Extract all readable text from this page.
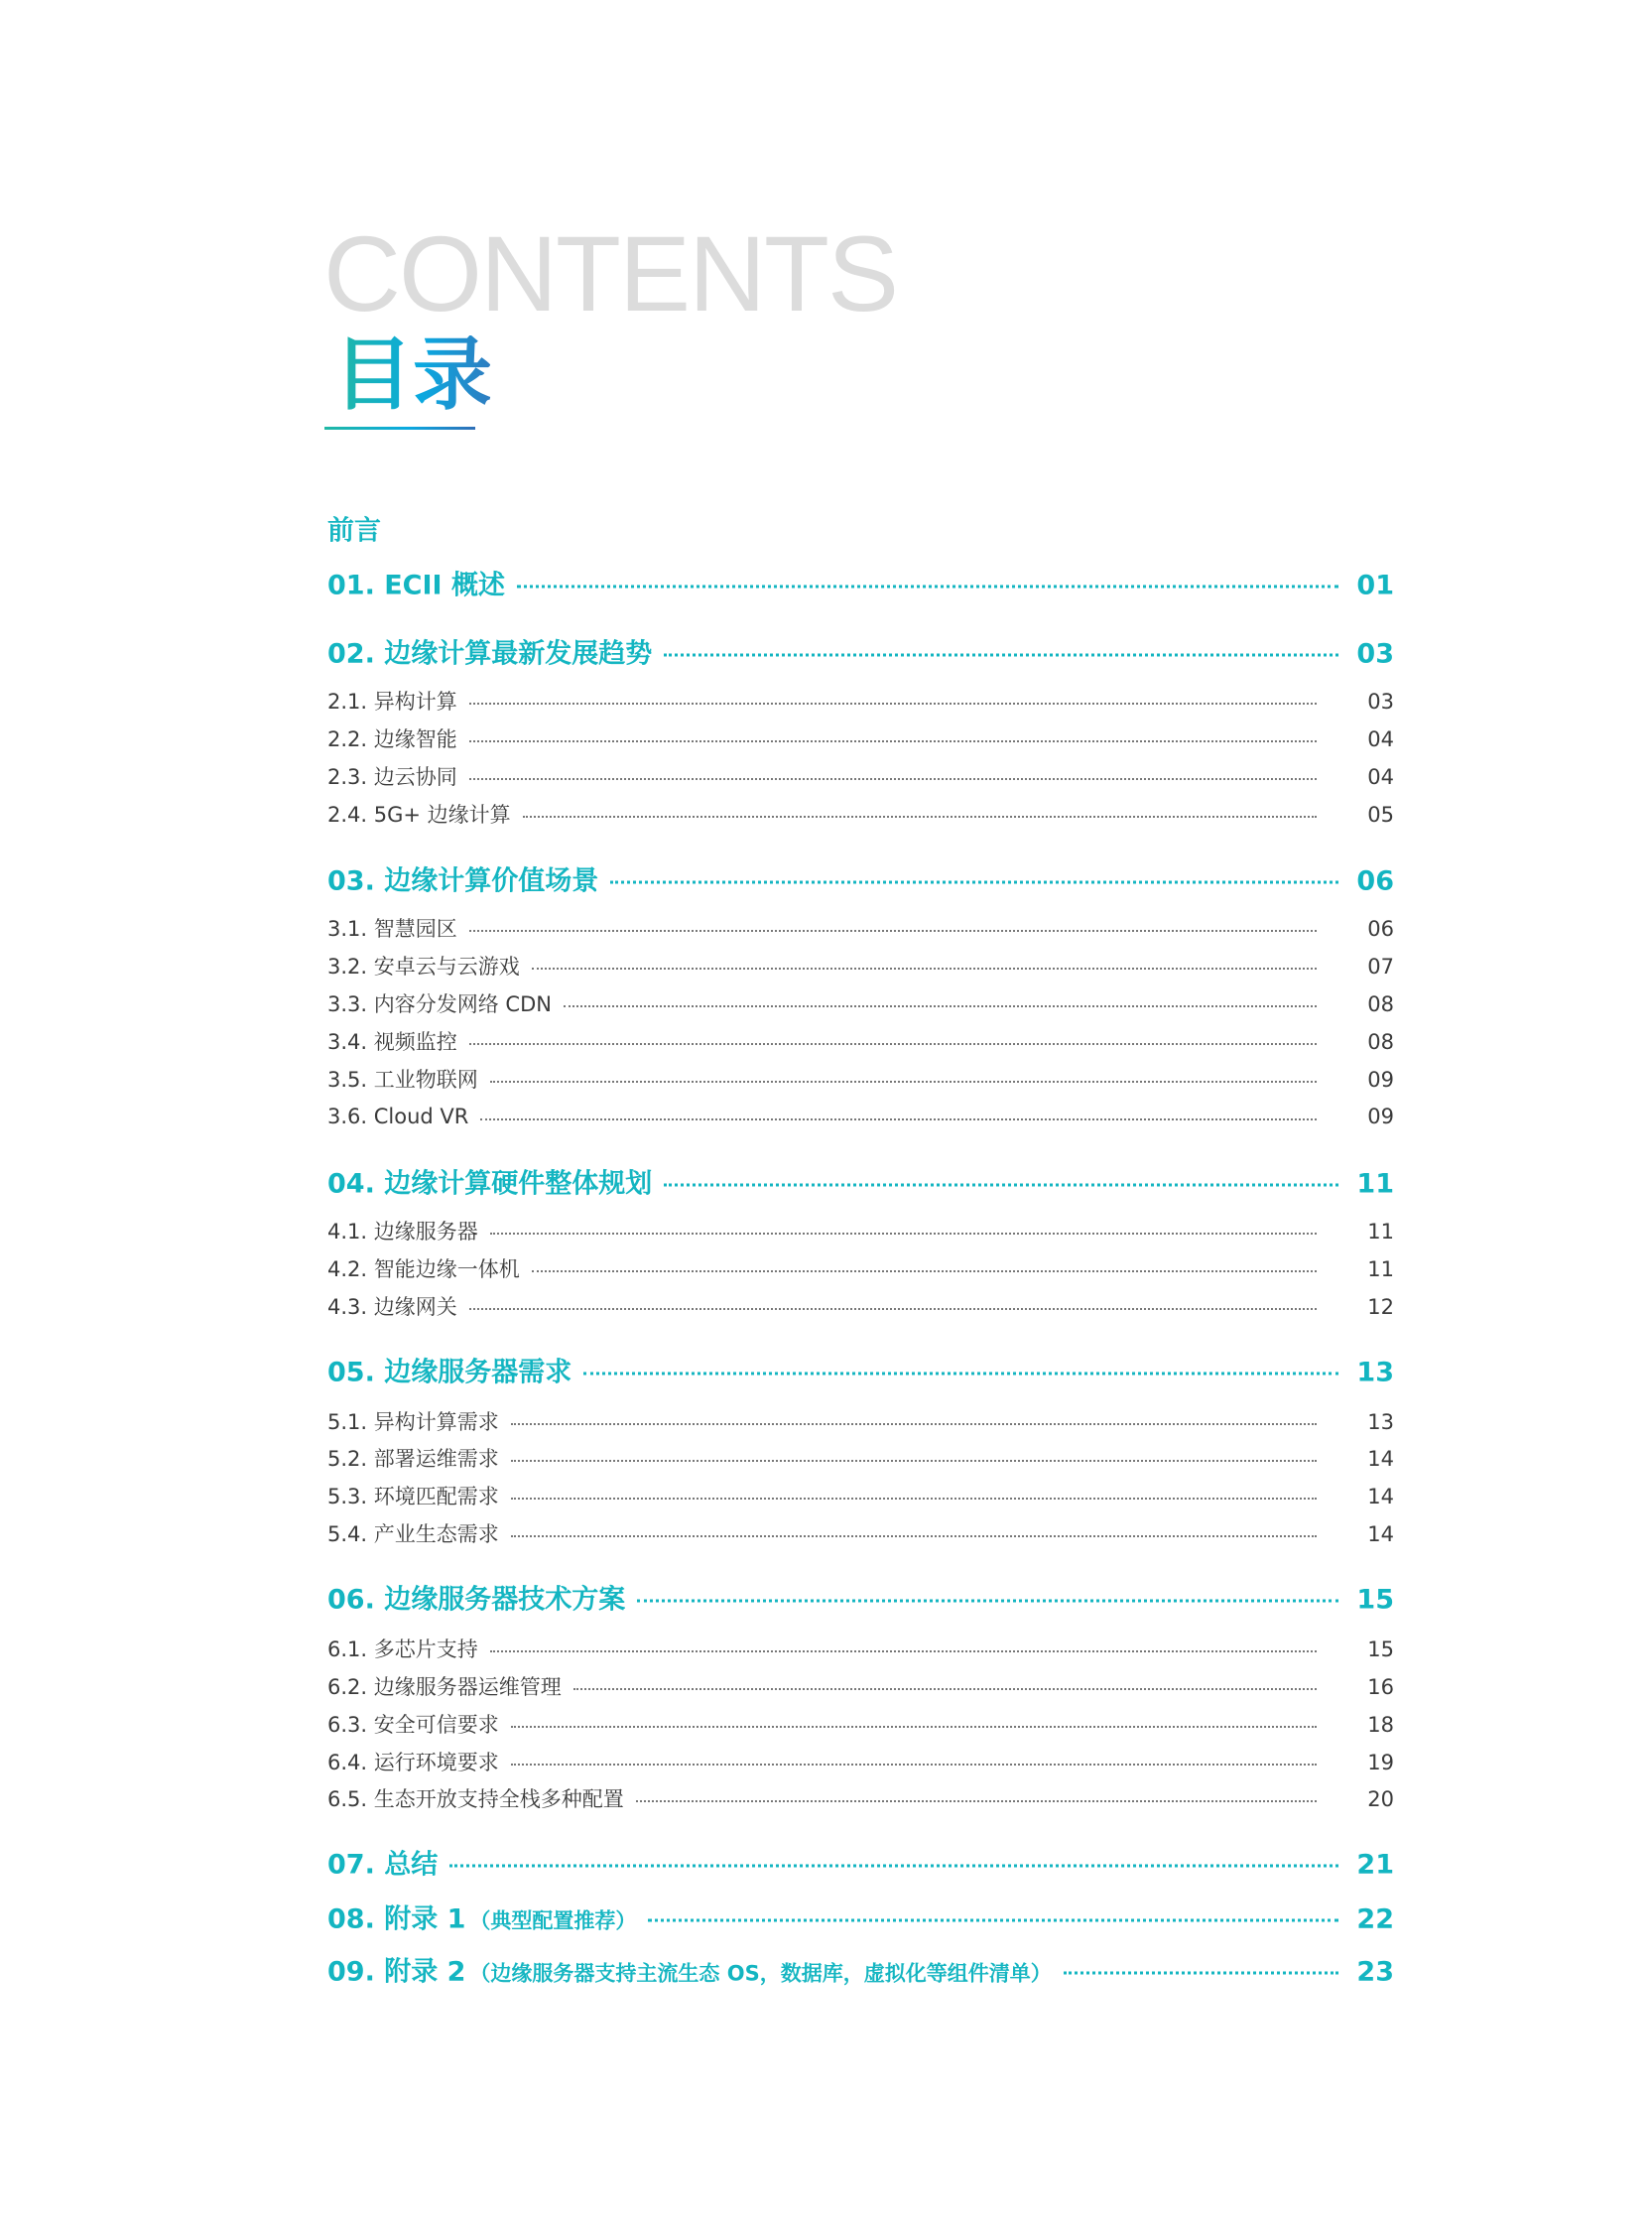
CONTENTS
目录
前言
01. ECII 概述	01
02. 边缘计算最新发展趋势	03
2.1. 异构计算	03
2.2. 边缘智能	04
2.3. 边云协同	04
2.4. 5G+ 边缘计算	05
03. 边缘计算价值场景	06
3.1. 智慧园区	06
3.2. 安卓云与云游戏	07
3.3. 内容分发网络 CDN	08
3.4. 视频监控	08
3.5. 工业物联网	09
3.6. Cloud VR	09
04. 边缘计算硬件整体规划	11
4.1. 边缘服务器	11
4.2. 智能边缘一体机	11
4.3. 边缘网关	12
05. 边缘服务器需求	13
5.1. 异构计算需求	13
5.2. 部署运维需求	14
5.3. 环境匹配需求	14
5.4. 产业生态需求	14
06. 边缘服务器技术方案	15
6.1. 多芯片支持	15
6.2. 边缘服务器运维管理	16
6.3. 安全可信要求	18
6.4. 运行环境要求	19
6.5. 生态开放支持全栈多种配置	20
07. 总结	21
08. 附录 1 （典型配置推荐）	22
09. 附录 2 （边缘服务器支持主流生态 OS，数据库，虚拟化等组件清单）	23
